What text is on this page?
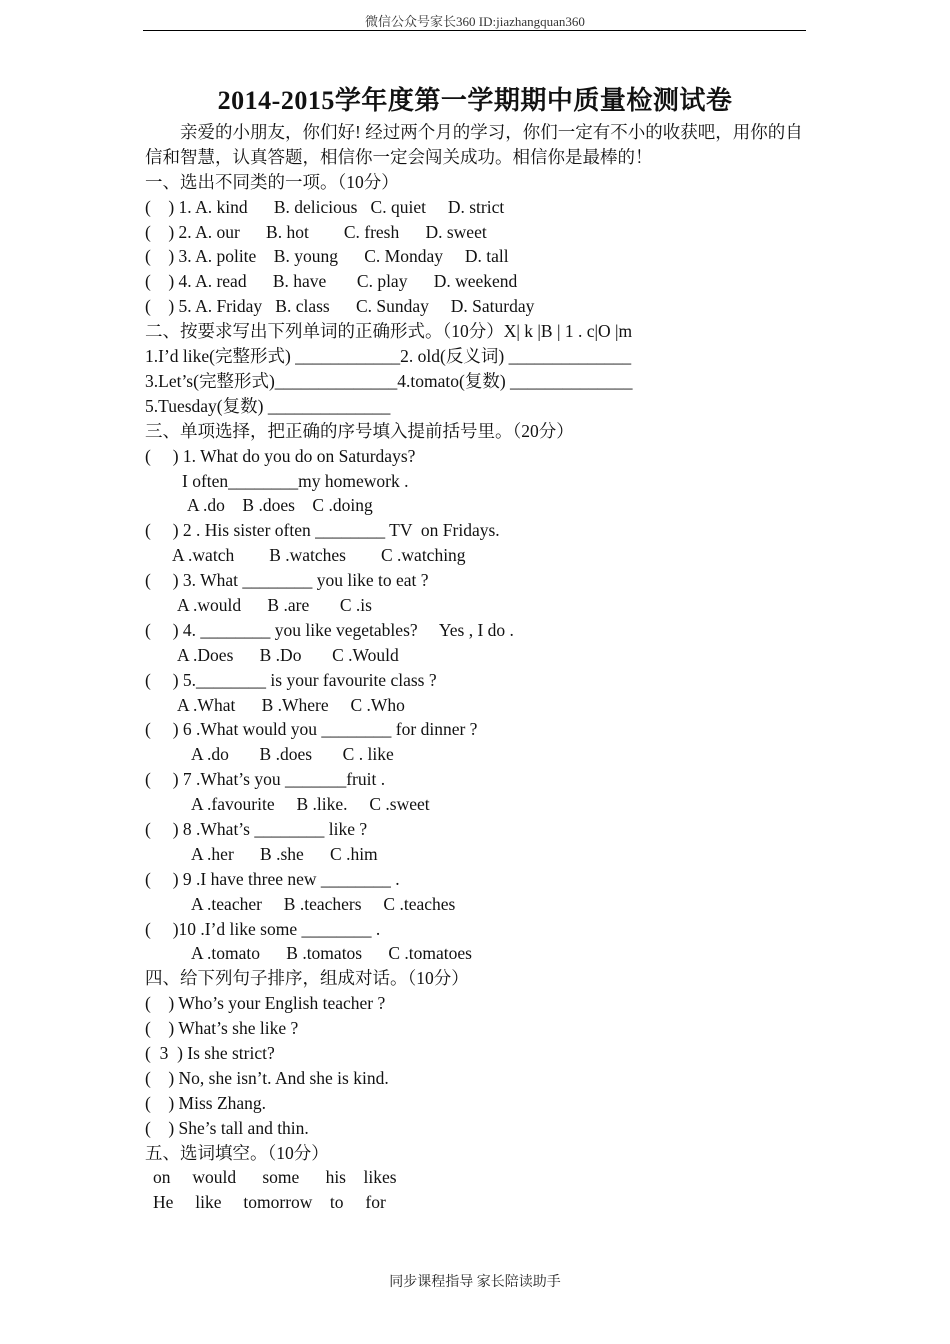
微信公众号家长360 ID:jiazhangquan360
2014-2015学年度第一学期期中质量检测试卷
亲爱的小朋友，你们好! 经过两个月的学习，你们一定有不小的收获吧，用你的自信和智慧，认真答题，相信你一定会闯关成功。相信你是最棒的！
一、选出不同类的一项。（10分）
(    ) 1. A. kind      B. delicious   C. quiet     D. strict
(    ) 2. A. our      B. hot        C. fresh      D. sweet
(    ) 3. A. polite    B. young      C. Monday     D. tall
(    ) 4. A. read      B. have       C. play      D. weekend
(    ) 5. A. Friday   B. class      C. Sunday     D. Saturday
二、按要求写出下列单词的正确形式。（10分）X| k |B | 1 . c|O |m
1.I’d like(完整形式) ____________2. old(反义词) ______________
3.Let’s(完整形式)______________4.tomato(复数) ______________
5.Tuesday(复数) ______________
三、单项选择，把正确的序号填入提前括号里。（20分）
(     ) 1. What do you do on Saturdays?
I often________my homework .
A .do    B .does    C .doing
(     ) 2 . His sister often ________ TV  on Fridays.
A .watch        B .watches        C .watching
(     ) 3. What ________ you like to eat ?
A .would      B .are       C .is
(     ) 4. ________ you like vegetables?     Yes , I do .
A .Does      B .Do       C .Would
(     ) 5.________ is your favourite class ?
A .What      B .Where     C .Who
(     ) 6 .What would you ________ for dinner ?
A .do       B .does       C . like
(     ) 7 .What’s you _______fruit .
A .favourite     B .like.     C .sweet
(     ) 8 .What’s ________ like ?
A .her      B .she      C .him
(     ) 9 .I have three new ________ .
A .teacher     B .teachers     C .teaches
(     )10 .I’d like some ________ .
A .tomato      B .tomatos      C .tomatoes
四、给下列句子排序，组成对话。（10分）
(    ) Who’s your English teacher ?
(    ) What’s she like ?
(  3  ) Is she strict?
(    ) No, she isn’t. And she is kind.
(    ) Miss Zhang.
(    ) She’s tall and thin.
五、选词填空。（10分）
on     would      some      his    likes
He     like     tomorrow    to     for
同步课程指导 家长陪读助手
